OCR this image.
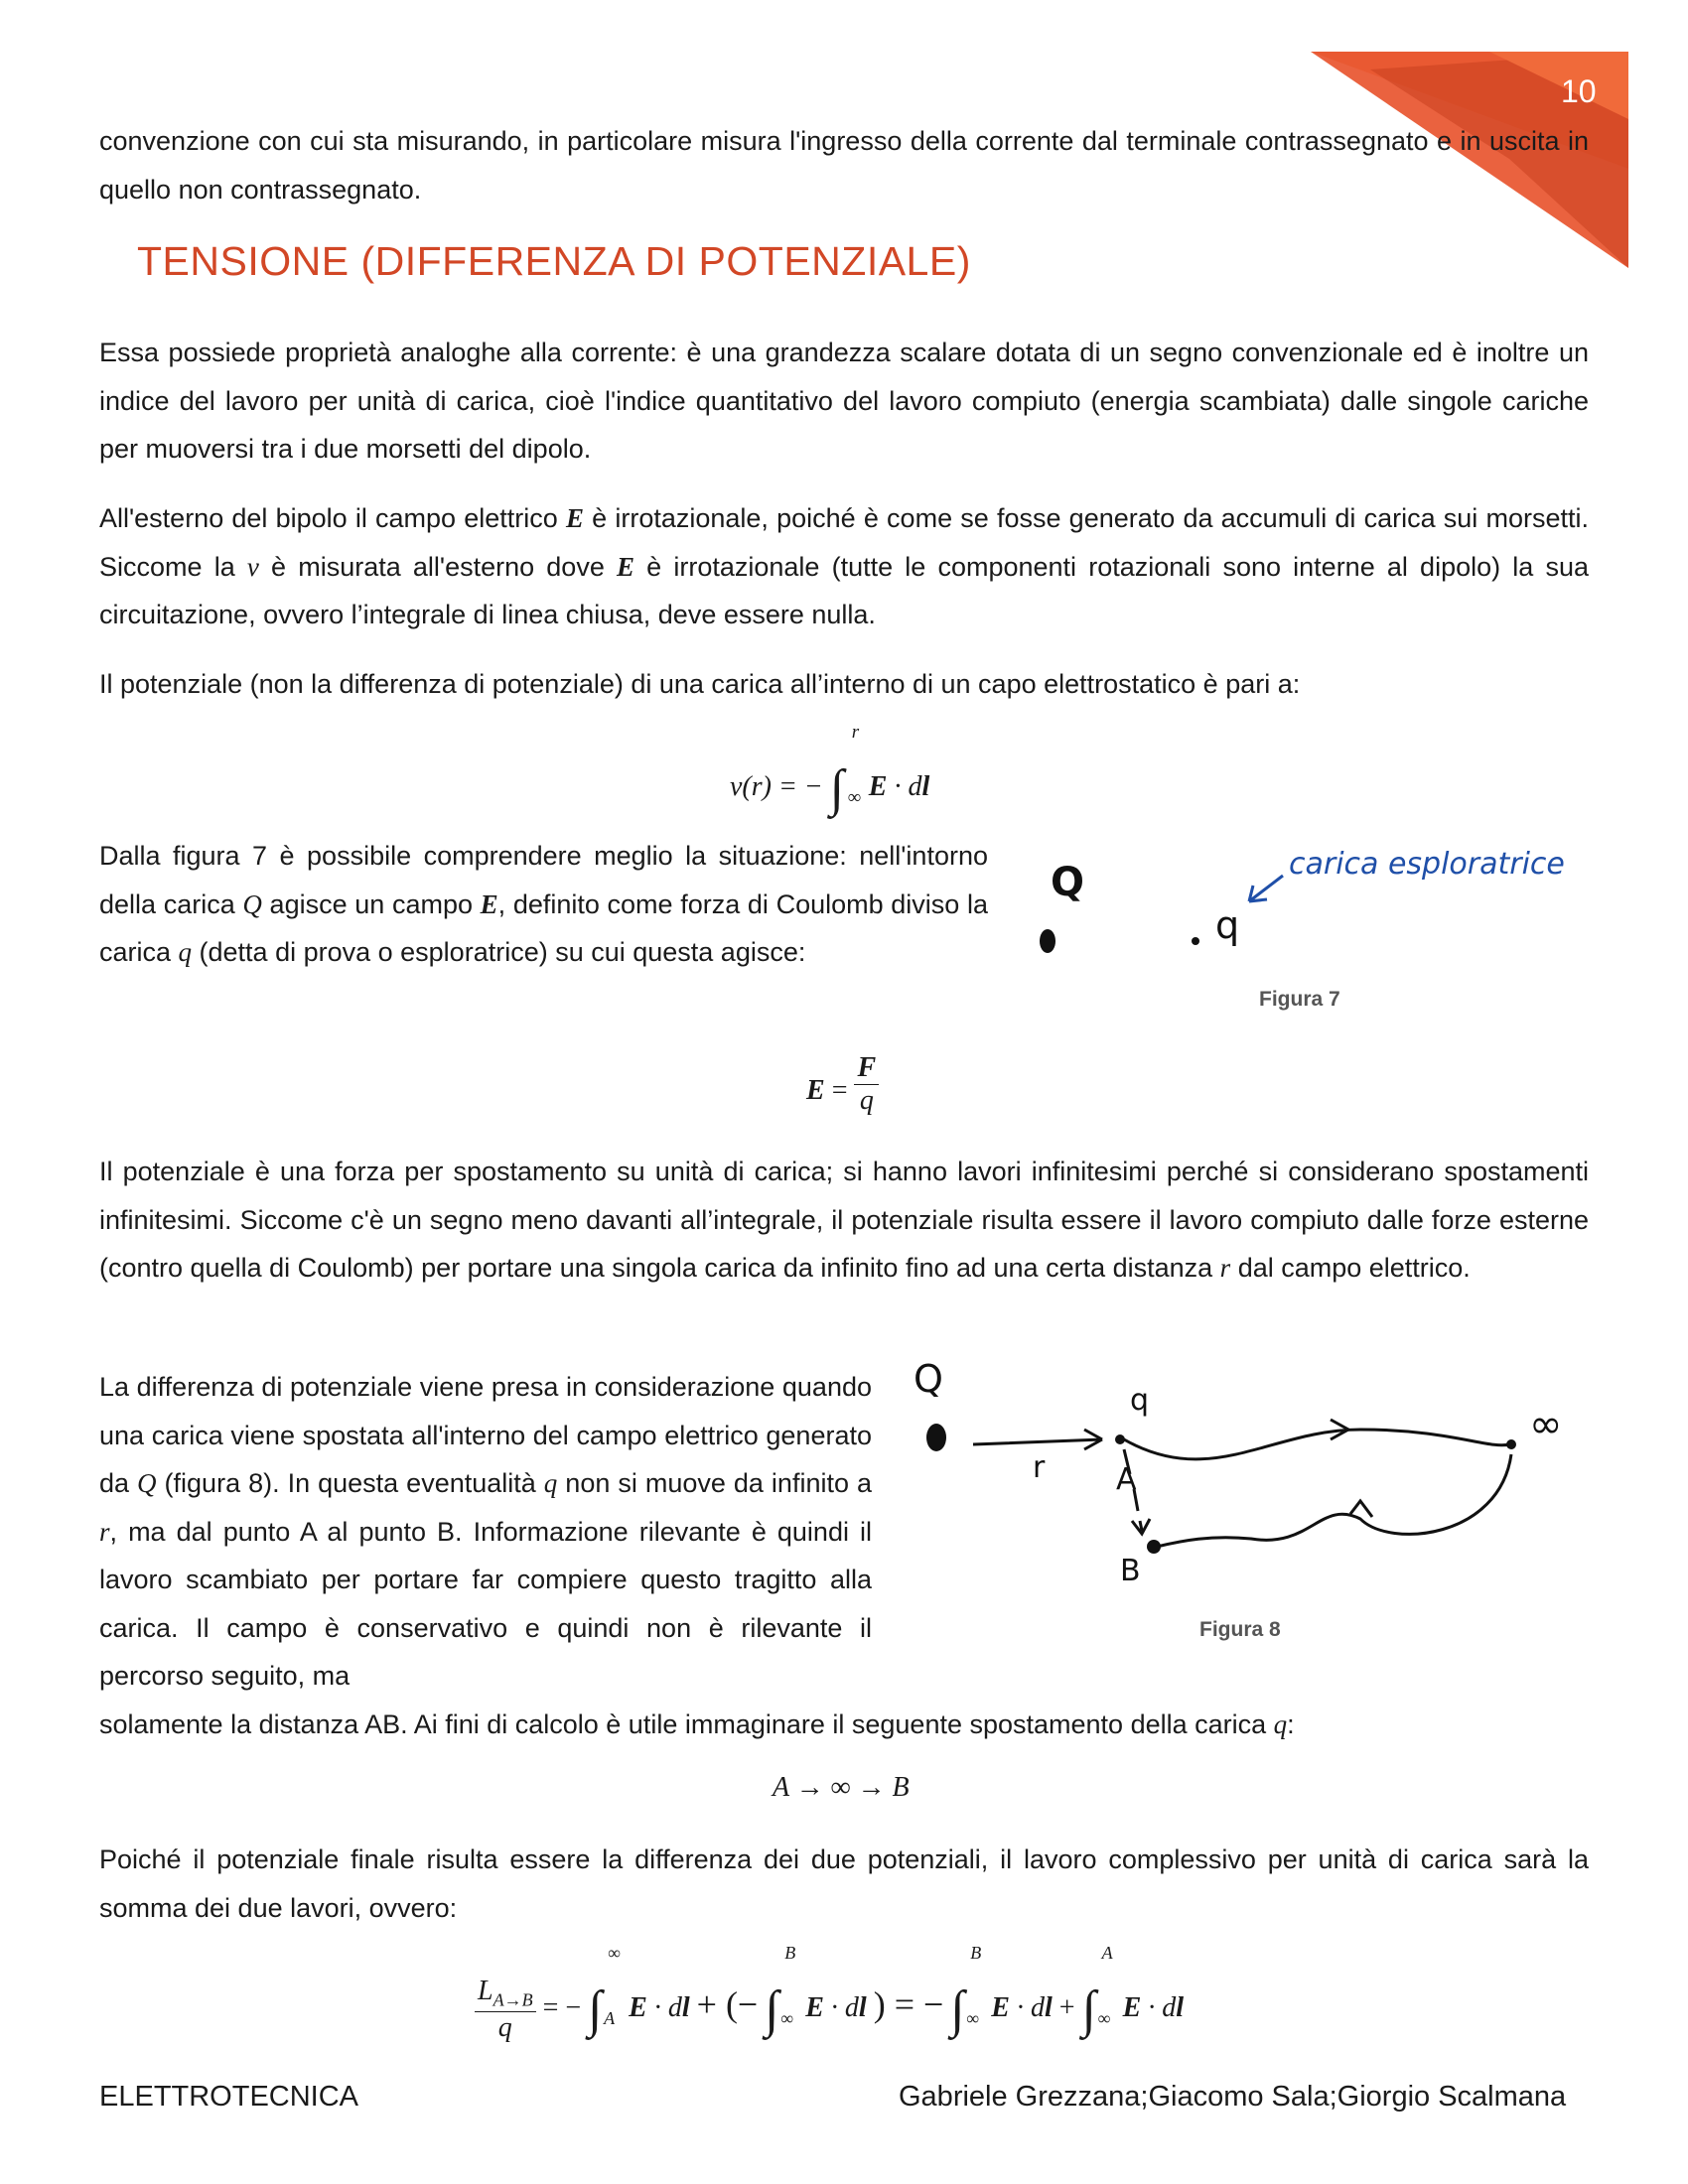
10
convenzione con cui sta misurando, in particolare misura l'ingresso della corrente dal terminale contrassegnato e in uscita in quello non contrassegnato.
TENSIONE (DIFFERENZA DI POTENZIALE)
Essa possiede proprietà analoghe alla corrente: è una grandezza scalare dotata di un segno convenzionale ed è inoltre un indice del lavoro per unità di carica, cioè l'indice quantitativo del lavoro compiuto (energia scambiata) dalle singole cariche per muoversi tra i due morsetti del dipolo.
All'esterno del bipolo il campo elettrico E è irrotazionale, poiché è come se fosse generato da accumuli di carica sui morsetti. Siccome la v è misurata all'esterno dove E è irrotazionale (tutte le componenti rotazionali sono interne al dipolo) la sua circuitazione, ovvero l’integrale di linea chiusa, deve essere nulla.
Il potenziale (non la differenza di potenziale) di una carica all’interno di un capo elettrostatico è pari a:
v(r) = − ∫
r
∞ E · dl
Dalla figura 7 è possibile comprendere meglio la situazione: nell'intorno della carica Q agisce un campo E, definito come forza di Coulomb diviso la carica q (detta di prova o esploratrice) su cui questa agisce:
Q
q
carica esploratrice
Figura 7
$E = \frac{F}{q}$
Il potenziale è una forza per spostamento su unità di carica; si hanno lavori infinitesimi perché si considerano spostamenti infinitesimi. Siccome c'è un segno meno davanti all’integrale, il potenziale risulta essere il lavoro compiuto dalle forze esterne (contro quella di Coulomb) per portare una singola carica da infinito fino ad una certa distanza r dal campo elettrico.
La differenza di potenziale viene presa in considerazione quando una carica viene spostata all'interno del campo elettrico generato da Q (figura 8). In questa eventualità q non si muove da infinito a r, ma dal punto A al punto B. Informazione rilevante è quindi il lavoro scambiato per portare far compiere questo tragitto alla carica. Il campo è conservativo e quindi non è rilevante il percorso seguito, ma
Q
r
q
A
∞
B
Figura 8
solamente la distanza AB. Ai fini di calcolo è utile immaginare il seguente spostamento della carica q:
A → ∞ → B
Poiché il potenziale finale risulta essere la differenza dei due potenziali, il lavoro complessivo per unità di carica sarà la somma dei due lavori, ovvero:
$\frac{L_{A\to B}}{q}$ = − ∫
∞
A E · dl + (− ∫
B
∞ E · dl ) = − ∫
B
∞ E · dl + ∫
A
∞ E · dl
ELETTROTECNICA	Gabriele Grezzana;Giacomo Sala;Giorgio Scalmana
